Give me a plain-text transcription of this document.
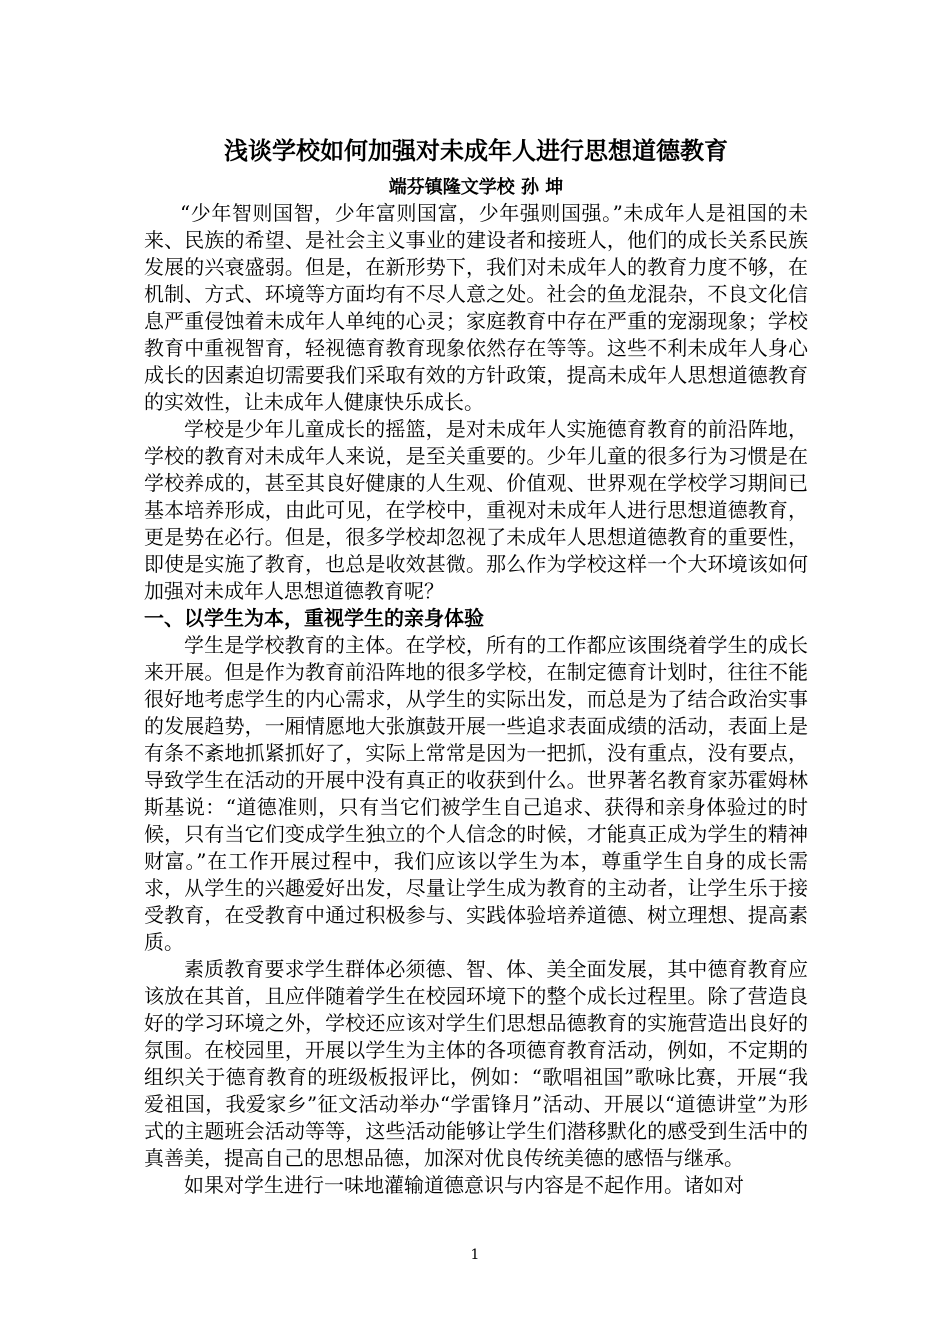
浅谈学校如何加强对未成年人进行思想道德教育

端芬镇隆文学校 孙 坤

“少年智则国智，少年富则国富，少年强则国强。”未成年人是祖国的未来、民族的希望、是社会主义事业的建设者和接班人，他们的成长关系民族发展的兴衰盛弱。但是，在新形势下，我们对未成年人的教育力度不够，在机制、方式、环境等方面均有不尽人意之处。社会的鱼龙混杂，不良文化信息严重侵蚀着未成年人单纯的心灵；家庭教育中存在严重的宠溺现象；学校教育中重视智育，轻视德育教育现象依然存在等等。这些不利未成年人身心成长的因素迫切需要我们采取有效的方针政策，提高未成年人思想道德教育的实效性，让未成年人健康快乐成长。

学校是少年儿童成长的摇篮，是对未成年人实施德育教育的前沿阵地，学校的教育对未成年人来说，是至关重要的。少年儿童的很多行为习惯是在学校养成的，甚至其良好健康的人生观、价值观、世界观在学校学习期间已基本培养形成，由此可见，在学校中，重视对未成年人进行思想道德教育，更是势在必行。但是，很多学校却忽视了未成年人思想道德教育的重要性，即使是实施了教育，也总是收效甚微。那么作为学校这样一个大环境该如何加强对未成年人思想道德教育呢？

一、以学生为本，重视学生的亲身体验

学生是学校教育的主体。在学校，所有的工作都应该围绕着学生的成长来开展。但是作为教育前沿阵地的很多学校，在制定德育计划时，往往不能很好地考虑学生的内心需求，从学生的实际出发，而总是为了结合政治实事的发展趋势，一厢情愿地大张旗鼓开展一些追求表面成绩的活动，表面上是有条不紊地抓紧抓好了，实际上常常是因为一把抓，没有重点，没有要点，导致学生在活动的开展中没有真正的收获到什么。世界著名教育家苏霍姆林斯基说：“道德准则，只有当它们被学生自己追求、获得和亲身体验过的时候，只有当它们变成学生独立的个人信念的时候，才能真正成为学生的精神财富。”在工作开展过程中，我们应该以学生为本，尊重学生自身的成长需求，从学生的兴趣爱好出发，尽量让学生成为教育的主动者，让学生乐于接受教育，在受教育中通过积极参与、实践体验培养道德、树立理想、提高素质。

素质教育要求学生群体必须德、智、体、美全面发展，其中德育教育应该放在其首，且应伴随着学生在校园环境下的整个成长过程里。除了营造良好的学习环境之外，学校还应该对学生们思想品德教育的实施营造出良好的氛围。在校园里，开展以学生为主体的各项德育教育活动，例如，不定期的组织关于德育教育的班级板报评比，例如：“歌唱祖国”歌咏比赛，开展“我爱祖国，我爱家乡”征文活动举办“学雷锋月”活动、开展以“道德讲堂”为形式的主题班会活动等等，这些活动能够让学生们潜移默化的感受到生活中的真善美，提高自己的思想品德，加深对优良传统美德的感悟与继承。

如果对学生进行一味地灌输道德意识与内容是不起作用。诸如对

1
